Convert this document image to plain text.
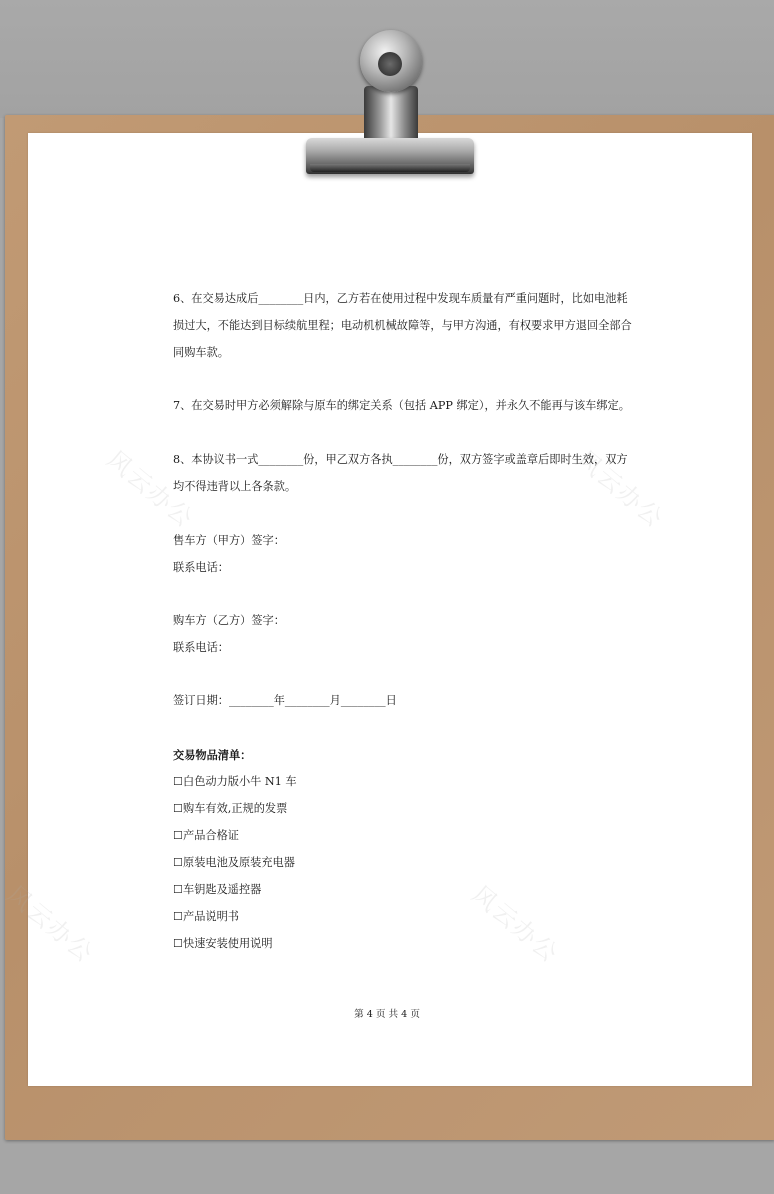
风云办公	风云办公
风云办公	风云办公

6、在交易达成后________日内，乙方若在使用过程中发现车质量有严重问题时，比如电池耗

损过大，不能达到目标续航里程；电动机机械故障等，与甲方沟通，有权要求甲方退回全部合

同购车款。

7、在交易时甲方必须解除与原车的绑定关系（包括 APP 绑定），并永久不能再与该车绑定。

8、本协议书一式________份，甲乙双方各执________份，双方签字或盖章后即时生效，双方

均不得违背以上各条款。

售车方（甲方）签字：

联系电话：

购车方（乙方）签字：

联系电话：

签订日期：________年________月________日

交易物品清单：

☐白色动力版小牛 N1 车

☐购车有效,正规的发票

☐产品合格证

☐原装电池及原装充电器

☐车钥匙及遥控器

☐产品说明书

☐快速安装使用说明

第 4 页 共 4 页
